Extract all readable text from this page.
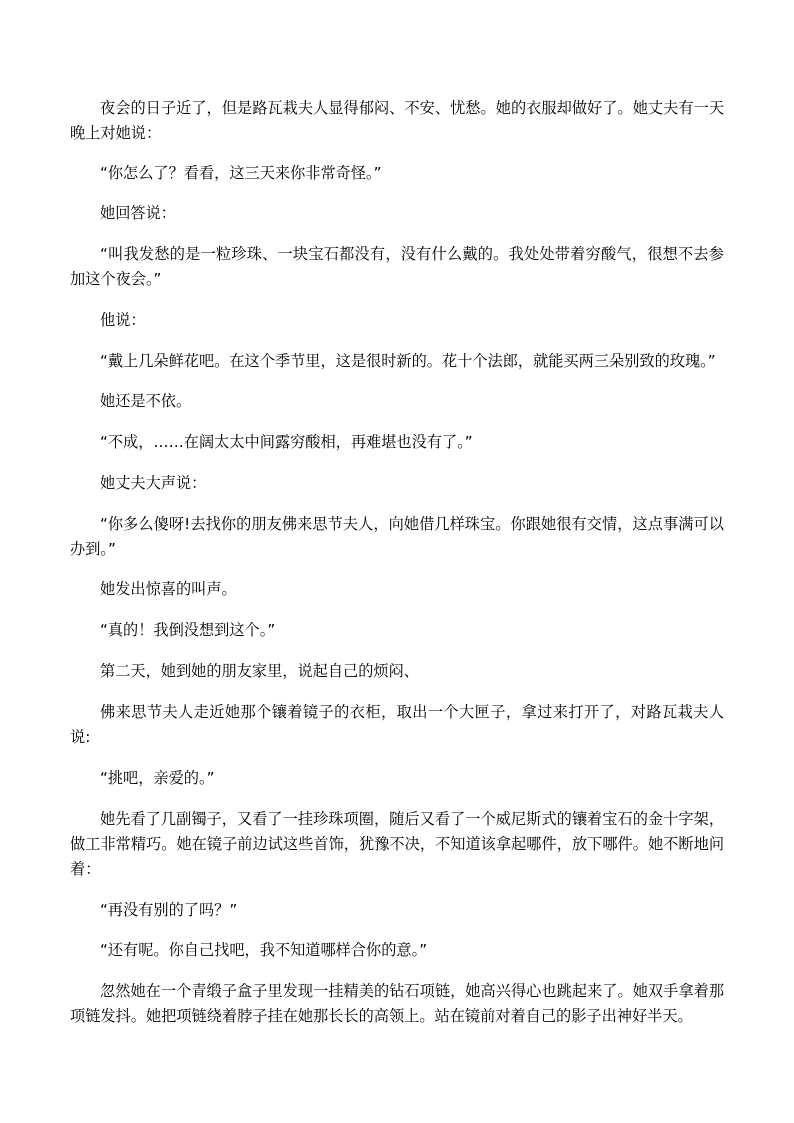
夜会的日子近了，但是路瓦栽夫人显得郁闷、不安、忧愁。她的衣服却做好了。她丈夫有一天晚上对她说：

“你怎么了？看看，这三天来你非常奇怪。”

她回答说：

“叫我发愁的是一粒珍珠、一块宝石都没有，没有什么戴的。我处处带着穷酸气，很想不去参加这个夜会。”

他说：

“戴上几朵鲜花吧。在这个季节里，这是很时新的。花十个法郎，就能买两三朵别致的玫瑰。”

她还是不依。

“不成，……在阔太太中间露穷酸相，再难堪也没有了。”

她丈夫大声说：

“你多么傻呀!去找你的朋友佛来思节夫人，向她借几样珠宝。你跟她很有交情，这点事满可以办到。”

她发出惊喜的叫声。

“真的！我倒没想到这个。”

第二天，她到她的朋友家里，说起自己的烦闷、

佛来思节夫人走近她那个镶着镜子的衣柜，取出一个大匣子，拿过来打开了，对路瓦栽夫人说:

“挑吧，亲爱的。”

她先看了几副镯子，又看了一挂珍珠项圈，随后又看了一个威尼斯式的镶着宝石的金十字架，做工非常精巧。她在镜子前边试这些首饰，犹豫不决，不知道该拿起哪件，放下哪件。她不断地问着：

“再没有别的了吗？”

“还有呢。你自己找吧，我不知道哪样合你的意。”

忽然她在一个青缎子盒子里发现一挂精美的钻石项链，她高兴得心也跳起来了。她双手拿着那项链发抖。她把项链绕着脖子挂在她那长长的高领上。站在镜前对着自己的影子出神好半天。
